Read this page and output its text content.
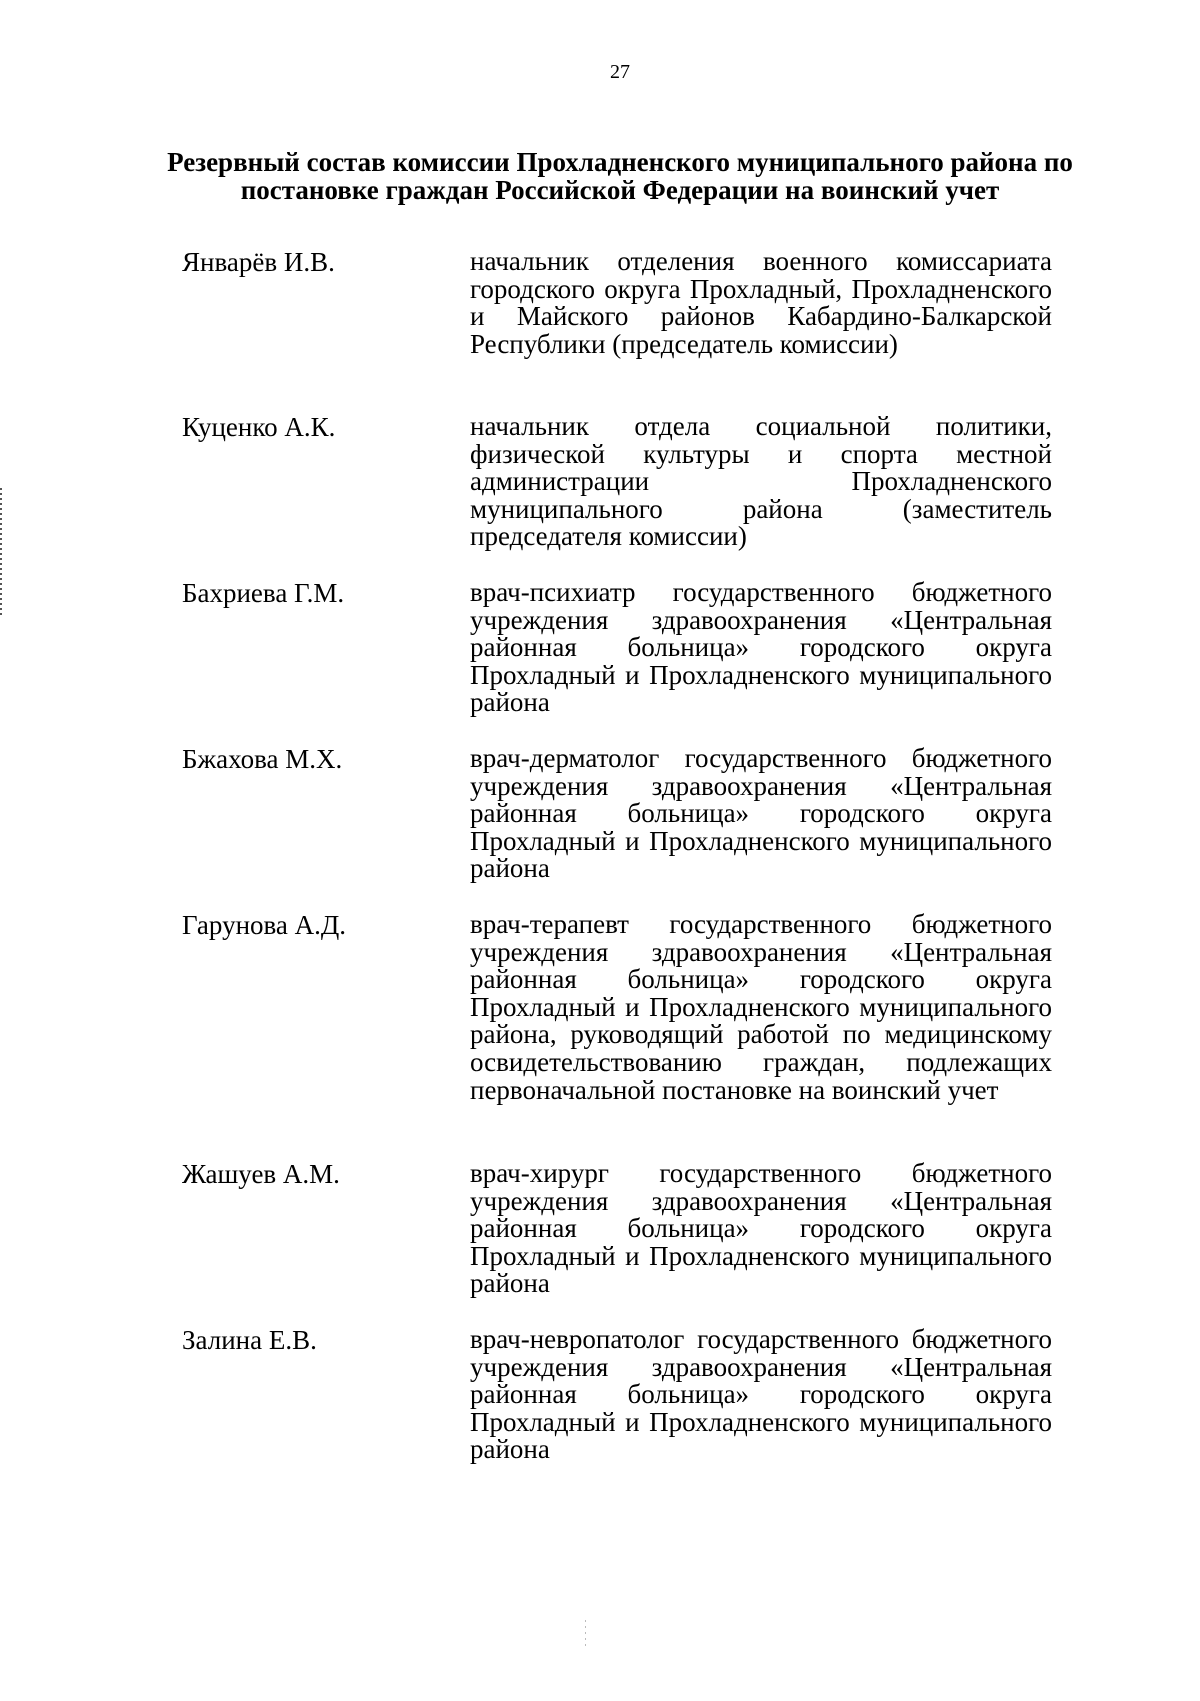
27
Резервный состав комиссии Прохладненского муниципального района по постановке граждан Российской Федерации на воинский учет
Январёв И.В.	начальник отделения военного комиссариата городского округа Прохладный, Прохладненского и Майского районов Кабардино-Балкарской Республики (председатель комиссии)
Куценко А.К.	начальник отдела социальной политики, физической культуры и спорта местной администрации Прохладненского муниципального района (заместитель председателя комиссии)
Бахриева Г.М.	врач-психиатр государственного бюджетного учреждения здравоохранения «Центральная районная больница» городского округа Прохладный и Прохладненского муниципального района
Бжахова М.Х.	врач-дерматолог государственного бюджетного учреждения здравоохранения «Центральная районная больница» городского округа Прохладный и Прохладненского муниципального района
Гарунова А.Д.	врач-терапевт государственного бюджетного учреждения здравоохранения «Центральная районная больница» городского округа Прохладный и Прохладненского муниципального района, руководящий работой по медицинскому освидетельствованию граждан, подлежащих первоначальной постановке на воинский учет
Жашуев А.М.	врач-хирург государственного бюджетного учреждения здравоохранения «Центральная районная больница» городского округа Прохладный и Прохладненского муниципального района
Залина Е.В.	врач-невропатолог государственного бюджетного учреждения здравоохранения «Центральная районная больница» городского округа Прохладный и Прохладненского муниципального района
